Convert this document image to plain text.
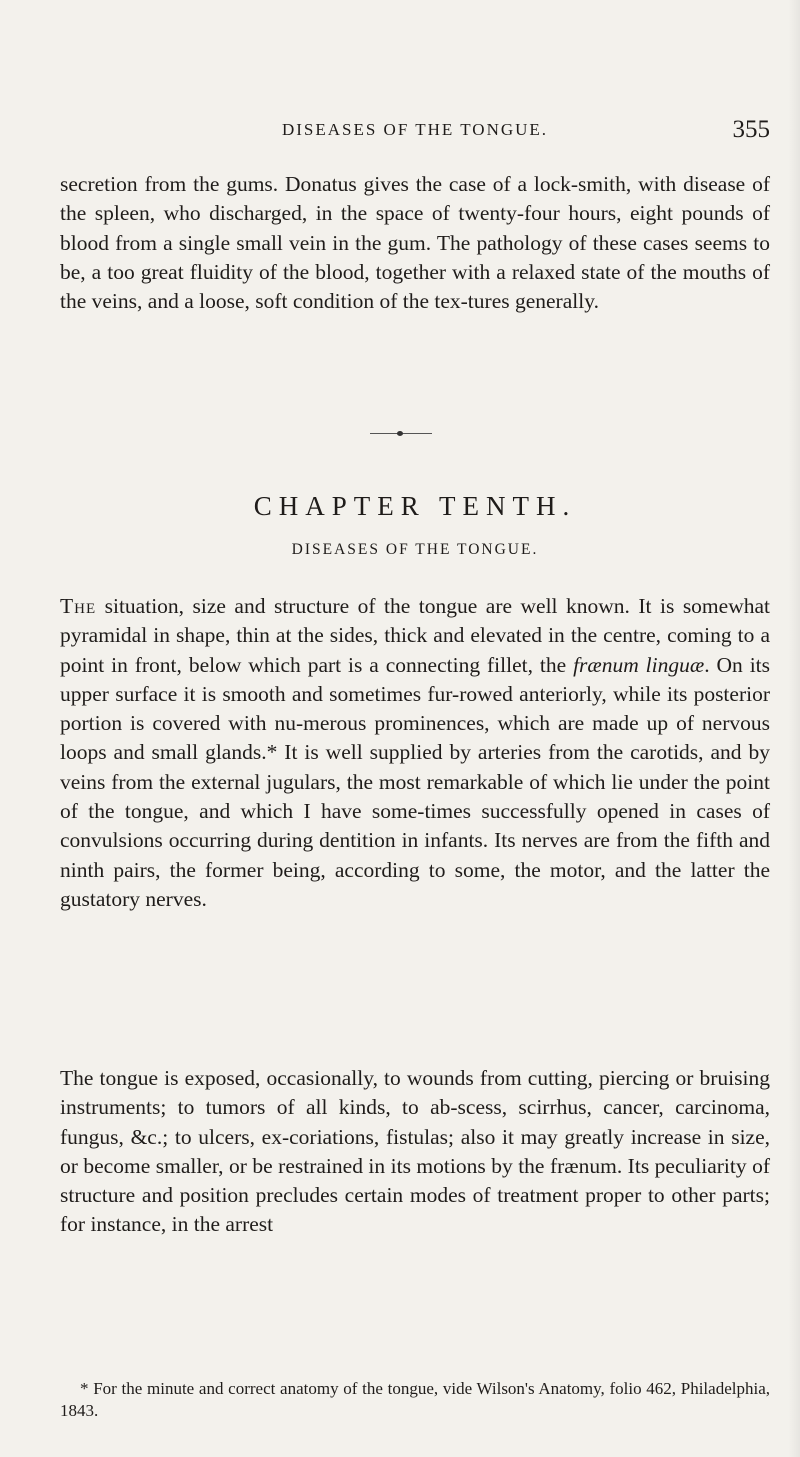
DISEASES OF THE TONGUE.	355

secretion from the gums. Donatus gives the case of a lock-smith, with disease of the spleen, who discharged, in the space of twenty-four hours, eight pounds of blood from a single small vein in the gum. The pathology of these cases seems to be, a too great fluidity of the blood, together with a relaxed state of the mouths of the veins, and a loose, soft condition of the tex-tures generally.

CHAPTER TENTH.
DISEASES OF THE TONGUE.

The situation, size and structure of the tongue are well known. It is somewhat pyramidal in shape, thin at the sides, thick and elevated in the centre, coming to a point in front, below which part is a connecting fillet, the frænum linguæ. On its upper surface it is smooth and sometimes fur-rowed anteriorly, while its posterior portion is covered with nu-merous prominences, which are made up of nervous loops and small glands.* It is well supplied by arteries from the carotids, and by veins from the external jugulars, the most remarkable of which lie under the point of the tongue, and which I have some-times successfully opened in cases of convulsions occurring during dentition in infants. Its nerves are from the fifth and ninth pairs, the former being, according to some, the motor, and the latter the gustatory nerves.

The tongue is exposed, occasionally, to wounds from cutting, piercing or bruising instruments; to tumors of all kinds, to ab-scess, scirrhus, cancer, carcinoma, fungus, &c.; to ulcers, ex-coriations, fistulas; also it may greatly increase in size, or become smaller, or be restrained in its motions by the frænum. Its peculiarity of structure and position precludes certain modes of treatment proper to other parts; for instance, in the arrest

* For the minute and correct anatomy of the tongue, vide Wilson's Anatomy, folio 462, Philadelphia, 1843.
